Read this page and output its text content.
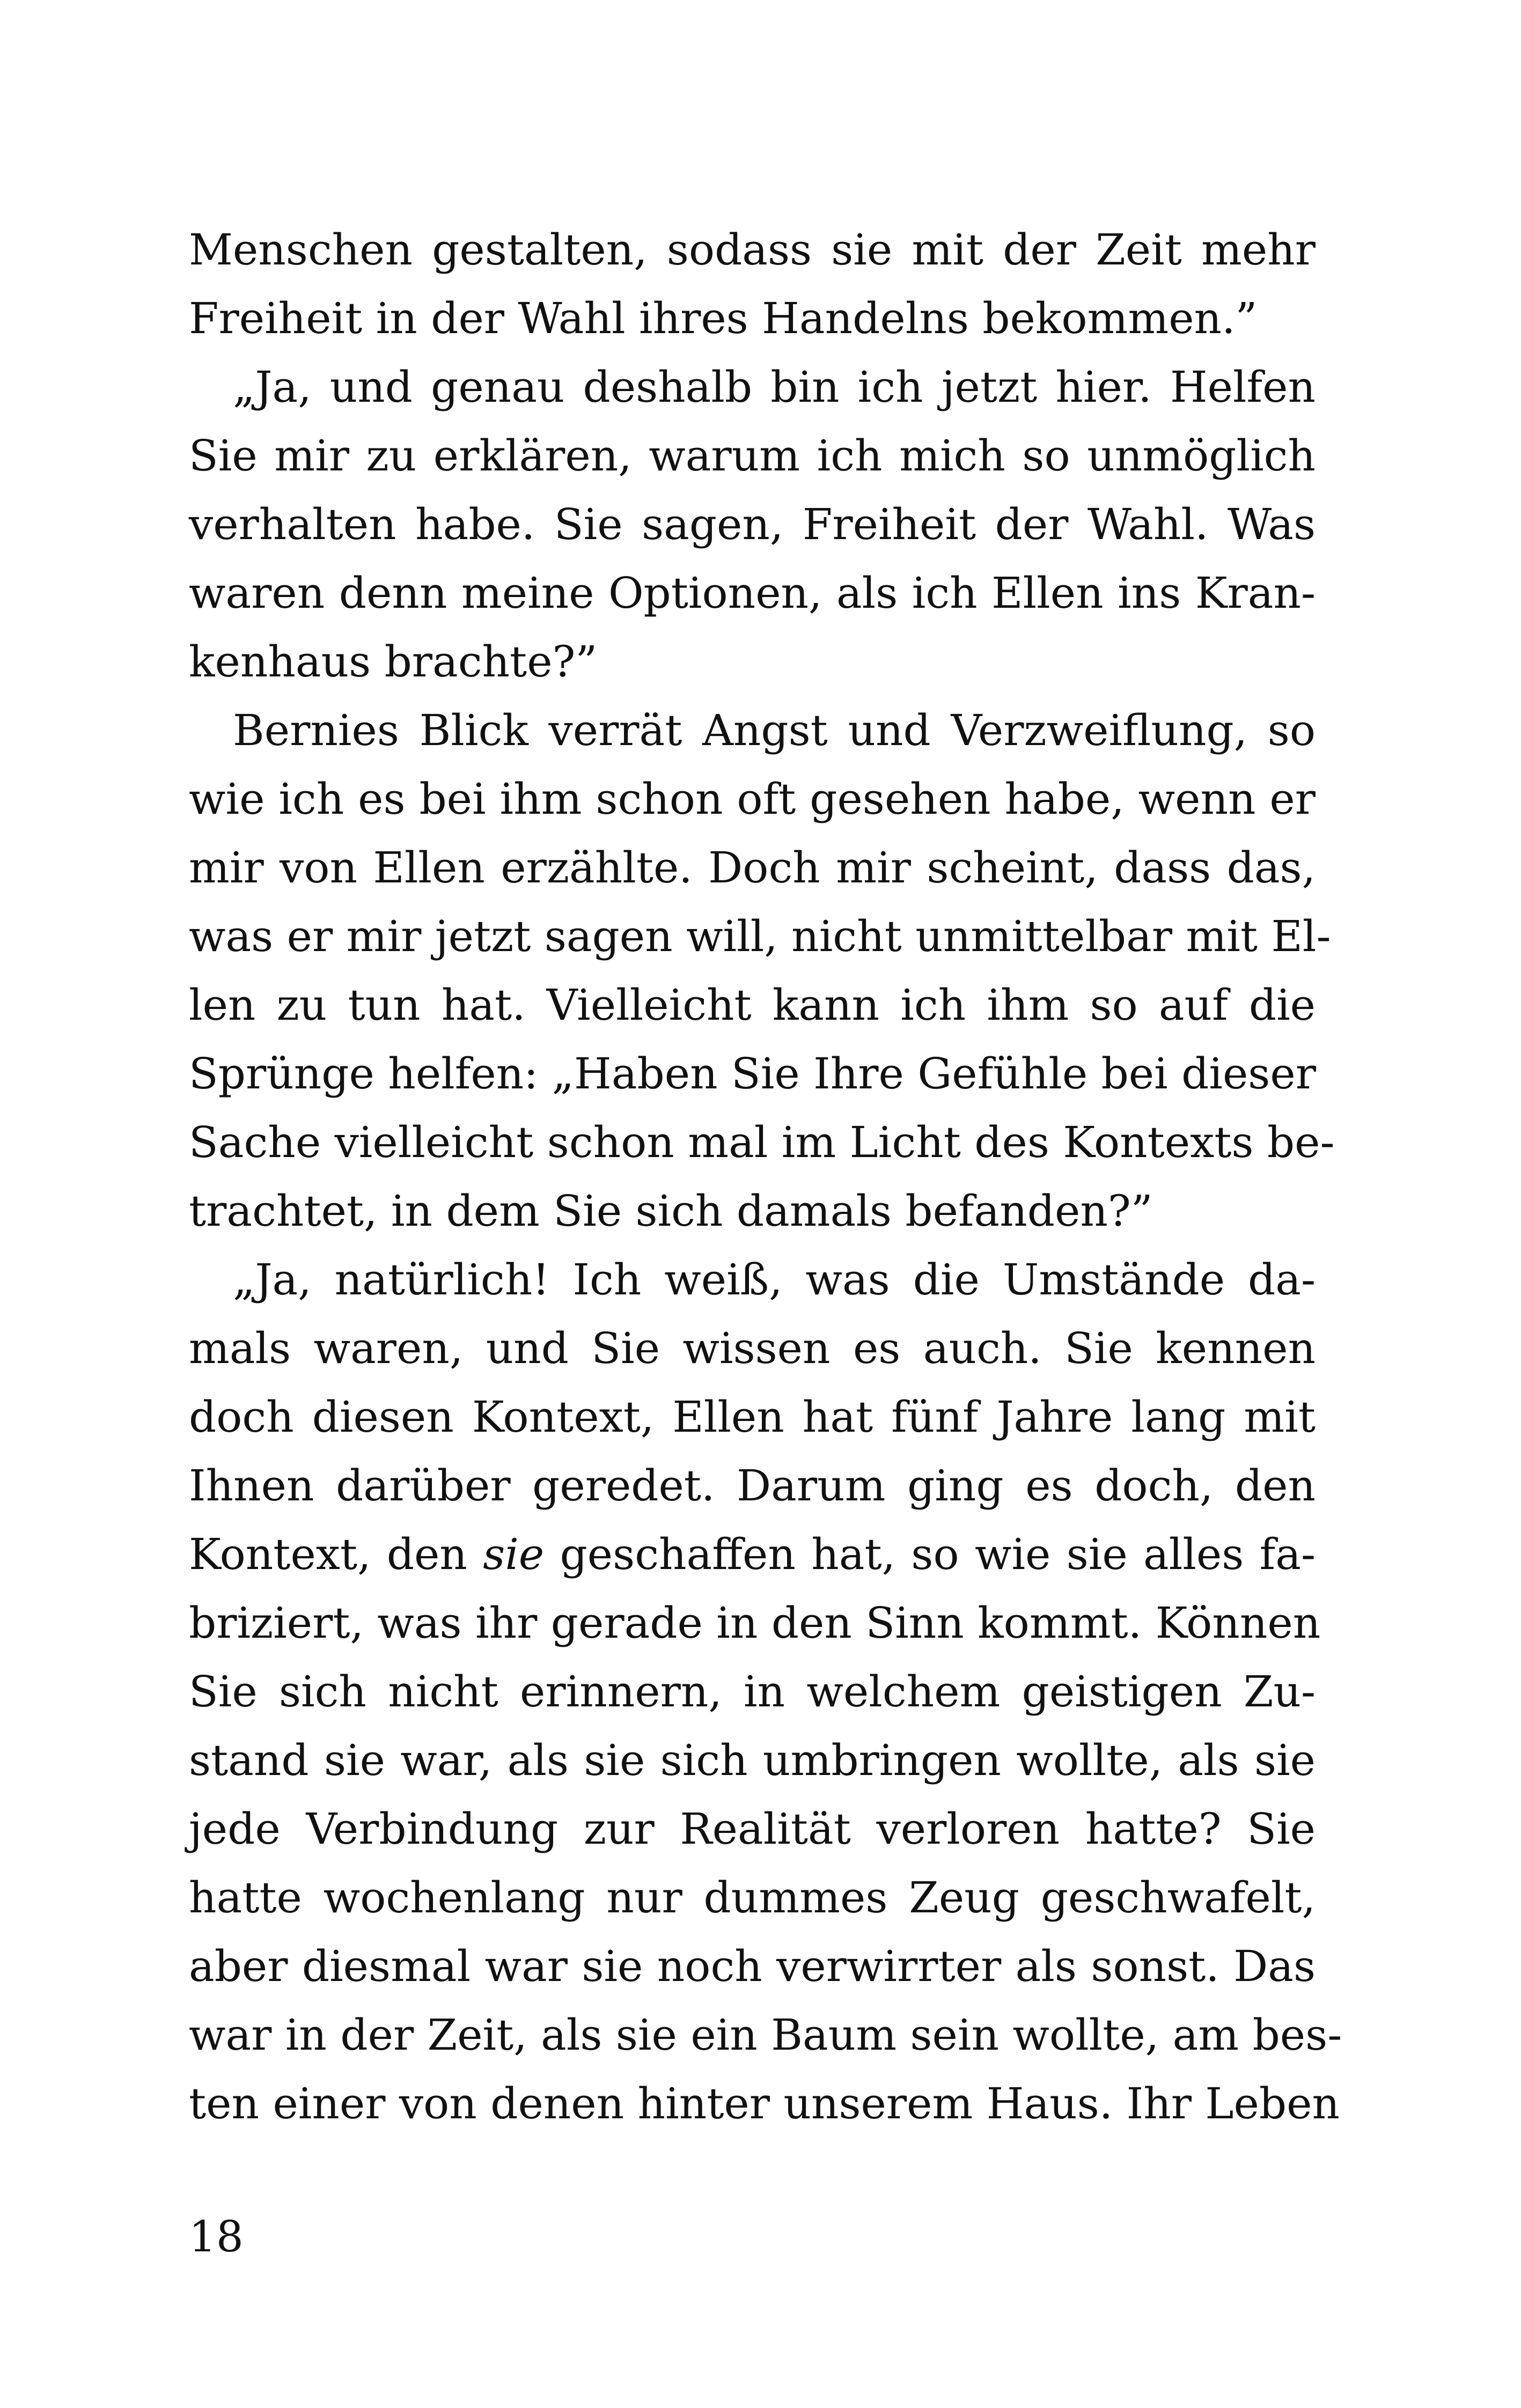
Menschen gestalten, sodass sie mit der Zeit mehr
Freiheit in der Wahl ihres Handelns bekommen.”
„Ja, und genau deshalb bin ich jetzt hier. Helfen
Sie mir zu erklären, warum ich mich so unmöglich
verhalten habe. Sie sagen, Freiheit der Wahl. Was
waren denn meine Optionen, als ich Ellen ins Kran-
kenhaus brachte?”
Bernies Blick verrät Angst und Verzweiflung, so
wie ich es bei ihm schon oft gesehen habe, wenn er
mir von Ellen erzählte. Doch mir scheint, dass das,
was er mir jetzt sagen will, nicht unmittelbar mit El-
len zu tun hat. Vielleicht kann ich ihm so auf die
Sprünge helfen: „Haben Sie Ihre Gefühle bei dieser
Sache vielleicht schon mal im Licht des Kontexts be-
trachtet, in dem Sie sich damals befanden?”
„Ja, natürlich! Ich weiß, was die Umstände da-
mals waren, und Sie wissen es auch. Sie kennen
doch diesen Kontext, Ellen hat fünf Jahre lang mit
Ihnen darüber geredet. Darum ging es doch, den
Kontext, den sie geschaffen hat, so wie sie alles fa-
briziert, was ihr gerade in den Sinn kommt. Können
Sie sich nicht erinnern, in welchem geistigen Zu-
stand sie war, als sie sich umbringen wollte, als sie
jede Verbindung zur Realität verloren hatte? Sie
hatte wochenlang nur dummes Zeug geschwafelt,
aber diesmal war sie noch verwirrter als sonst. Das
war in der Zeit, als sie ein Baum sein wollte, am bes-
ten einer von denen hinter unserem Haus. Ihr Leben
18
